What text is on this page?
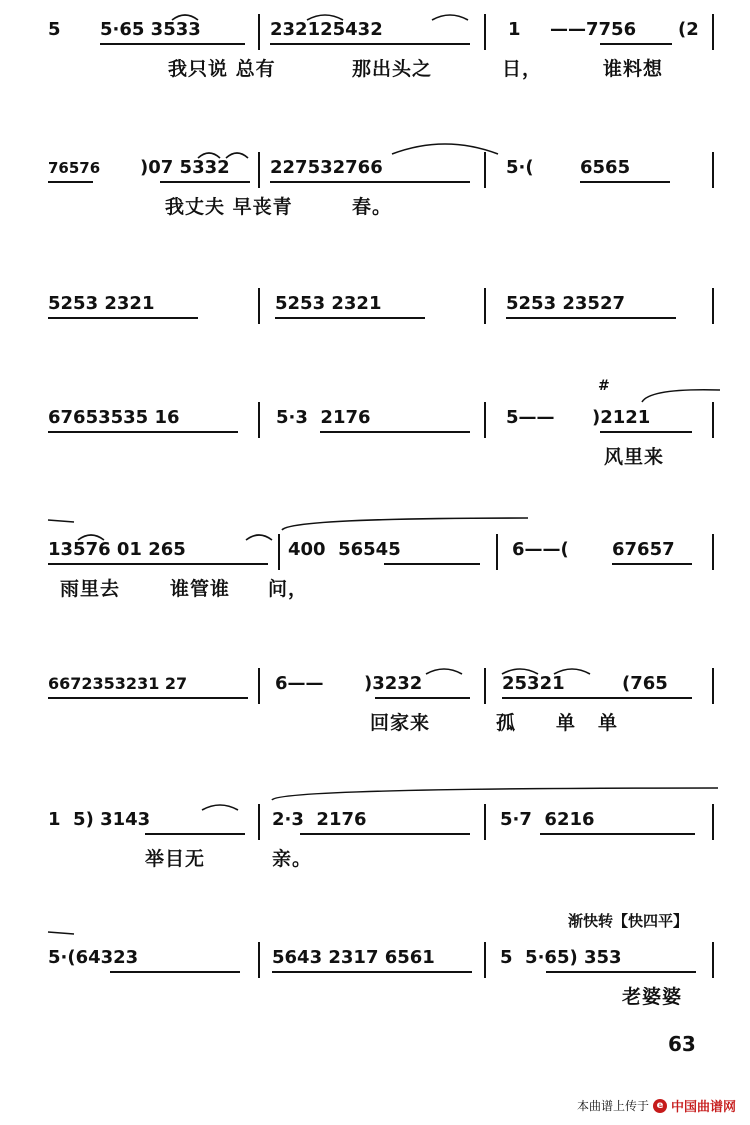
5 5·65 3533	232125432	1 ——7756 (2
我只说 总有	那出头之	日，	谁料想
76576 )07 5332 227532766	5·(	6565
我丈夫 早丧青	春。
5253 2321	5253 2321	5253 23527
#
67653535 16	5·3  2176	5—— )2121
风里来
13576 01 265	400  56545	6——( 67657
雨里去	谁管谁 问，
6672353231 27	6—— )3232	25321	(765
回家来	孤 单 单
1  5) 3143	2·3  2176	5·7  6216
举目无	亲。
渐快转【快四平】
5·(64323	5643 2317 6561	5  5·65) 353
老婆婆
63
本曲谱上传于 e 中国曲谱网
